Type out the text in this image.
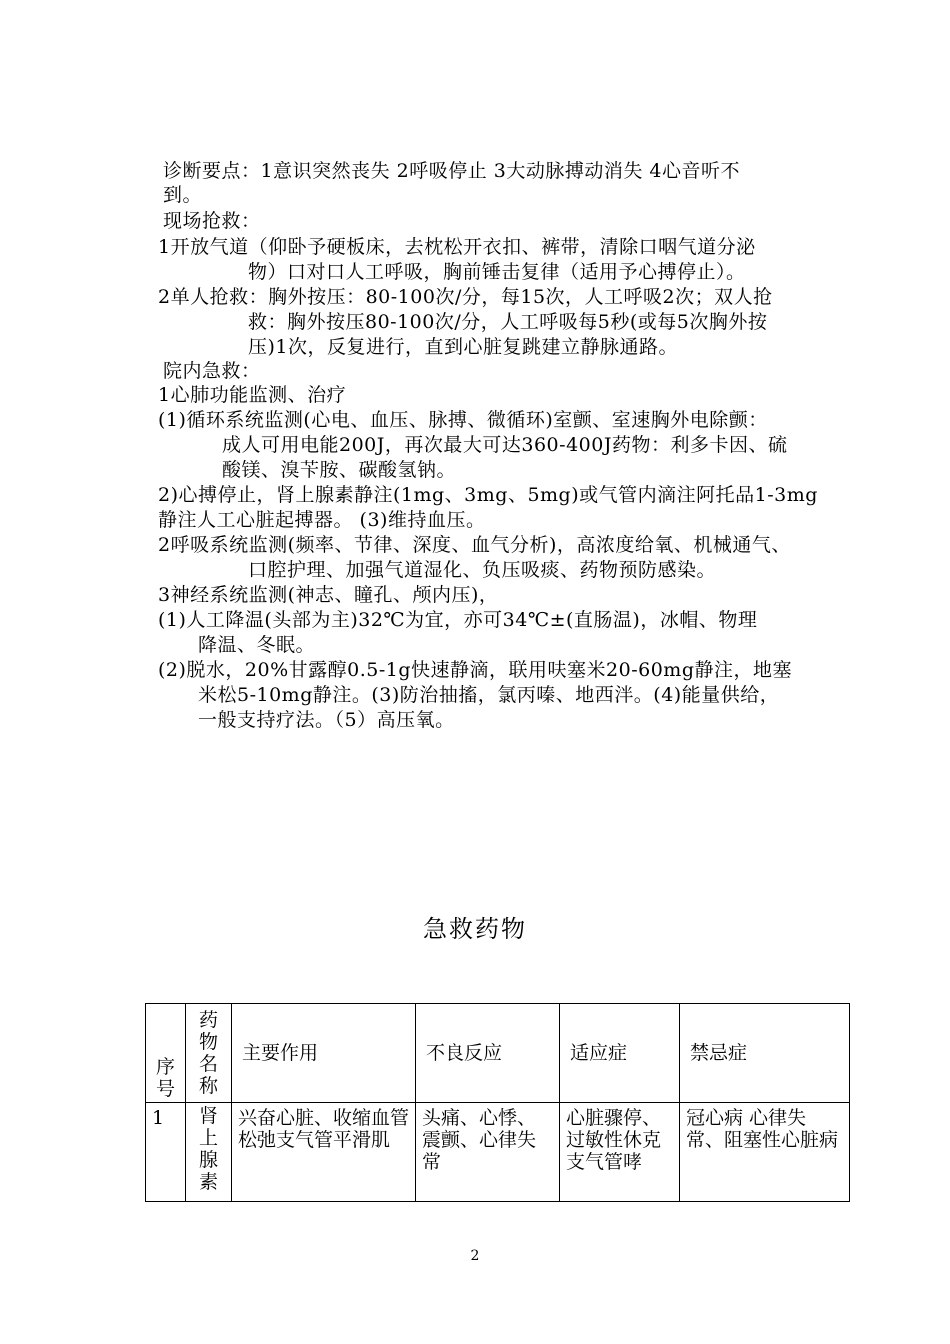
诊断要点：1意识突然丧失 2呼吸停止 3大动脉搏动消失 4心音听不
到。
现场抢救：
1开放气道（仰卧予硬板床，去枕松开衣扣、裤带，清除口咽气道分泌
物）口对口人工呼吸，胸前锤击复律（适用予心搏停止）。
2单人抢救：胸外按压：80-100次/分，每15次，人工呼吸2次；双人抢
救：胸外按压80-100次/分，人工呼吸每5秒(或每5次胸外按
压)1次，反复进行，直到心脏复跳建立静脉通路。
院内急救：
1心肺功能监测、治疗
(1)循环系统监测(心电、血压、脉搏、微循环)室颤、室速胸外电除颤：
成人可用电能200J，再次最大可达360-400J药物：利多卡因、硫
酸镁、溴苄胺、碳酸氢钠。
2)心搏停止，肾上腺素静注(1mg、3mg、5mg)或气管内滴注阿托品1-3mg
静注人工心脏起搏器。 (3)维持血压。
2呼吸系统监测(频率、节律、深度、血气分析)，高浓度给氧、机械通气、
口腔护理、加强气道湿化、负压吸痰、药物预防感染。
3神经系统监测(神志、瞳孔、颅内压)，
(1)人工降温(头部为主)32℃为宜，亦可34℃±(直肠温)，冰帽、物理
降温、冬眠。
(2)脱水，20%甘露醇0.5-1g快速静滴，联用呋塞米20-60mg静注，地塞
米松5-10mg静注。(3)防治抽搐，氯丙嗪、地西泮。(4)能量供给，
一般支持疗法。（5）高压氧。
急救药物
序号	药物名称	主要作用	不良反应	适应症	禁忌症
1	肾上腺素	兴奋心脏、收缩血管松弛支气管平滑肌	头痛、心悸、震颤、心律失常	心脏骤停、过敏性休克 支气管哮	冠心病 心律失常、阻塞性心脏病
2
